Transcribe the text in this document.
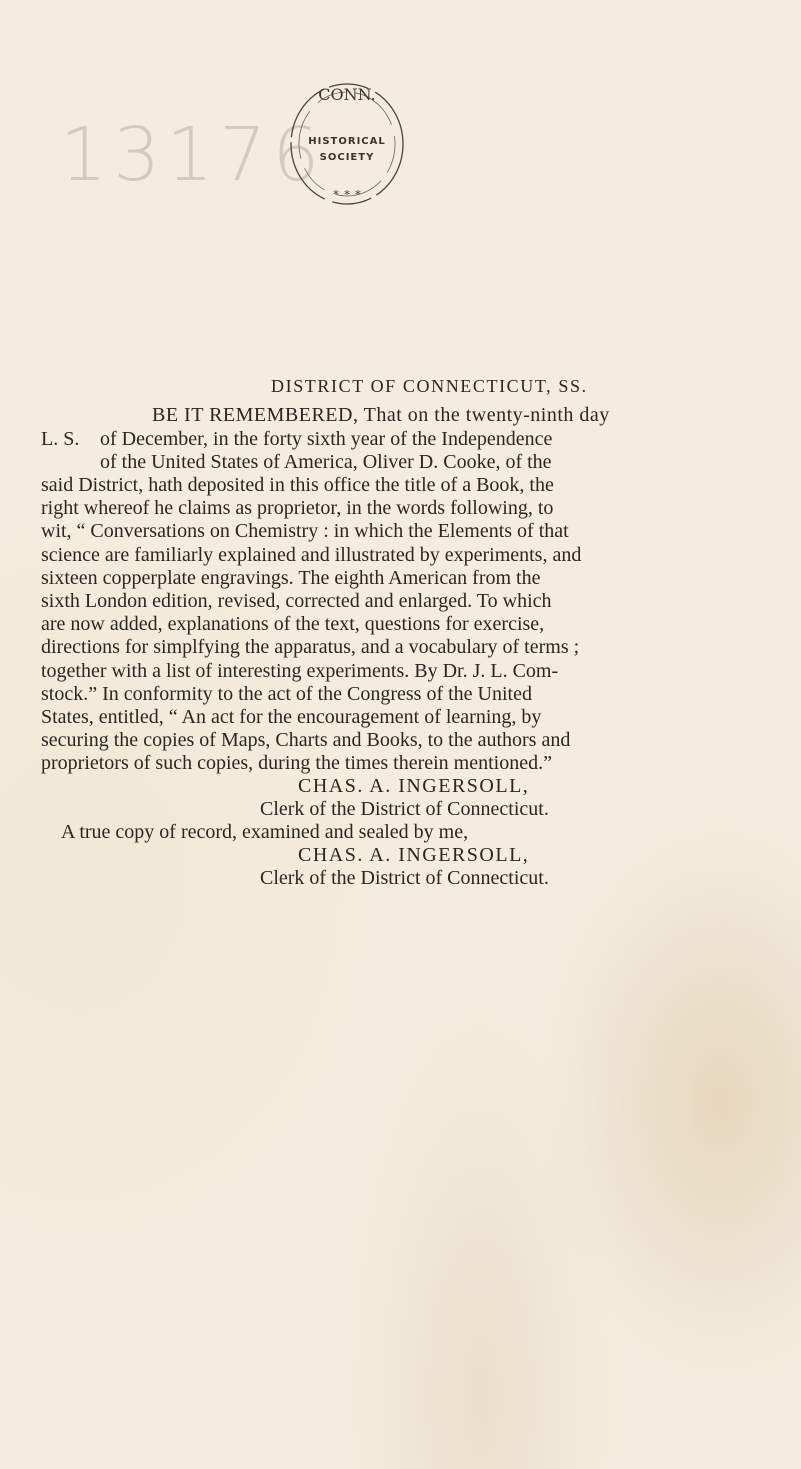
13176
CONN.
∗ ∗ ∗
HISTORICAL
SOCIETY
DISTRICT OF CONNECTICUT, SS.
L. S.
BE IT REMEMBERED, That on the twenty-ninth day
of December, in the forty sixth year of the Independence
of the United States of America, Oliver D. Cooke, of the
said District, hath deposited in this office the title of a Book, the
right whereof he claims as proprietor, in the words following, to
wit, “ Conversations on Chemistry : in which the Elements of that
science are familiarly explained and illustrated by experiments, and
sixteen copperplate engravings. The eighth American from the
sixth London edition, revised, corrected and enlarged. To which
are now added, explanations of the text, questions for exercise,
directions for simplfying the apparatus, and a vocabulary of terms ;
together with a list of interesting experiments. By Dr. J. L. Com-
stock.” In conformity to the act of the Congress of the United
States, entitled, “ An act for the encouragement of learning, by
securing the copies of Maps, Charts and Books, to the authors and
proprietors of such copies, during the times therein mentioned.”
CHAS. A. INGERSOLL,
Clerk of the District of Connecticut.
A true copy of record, examined and sealed by me,
CHAS. A. INGERSOLL,
Clerk of the District of Connecticut.
